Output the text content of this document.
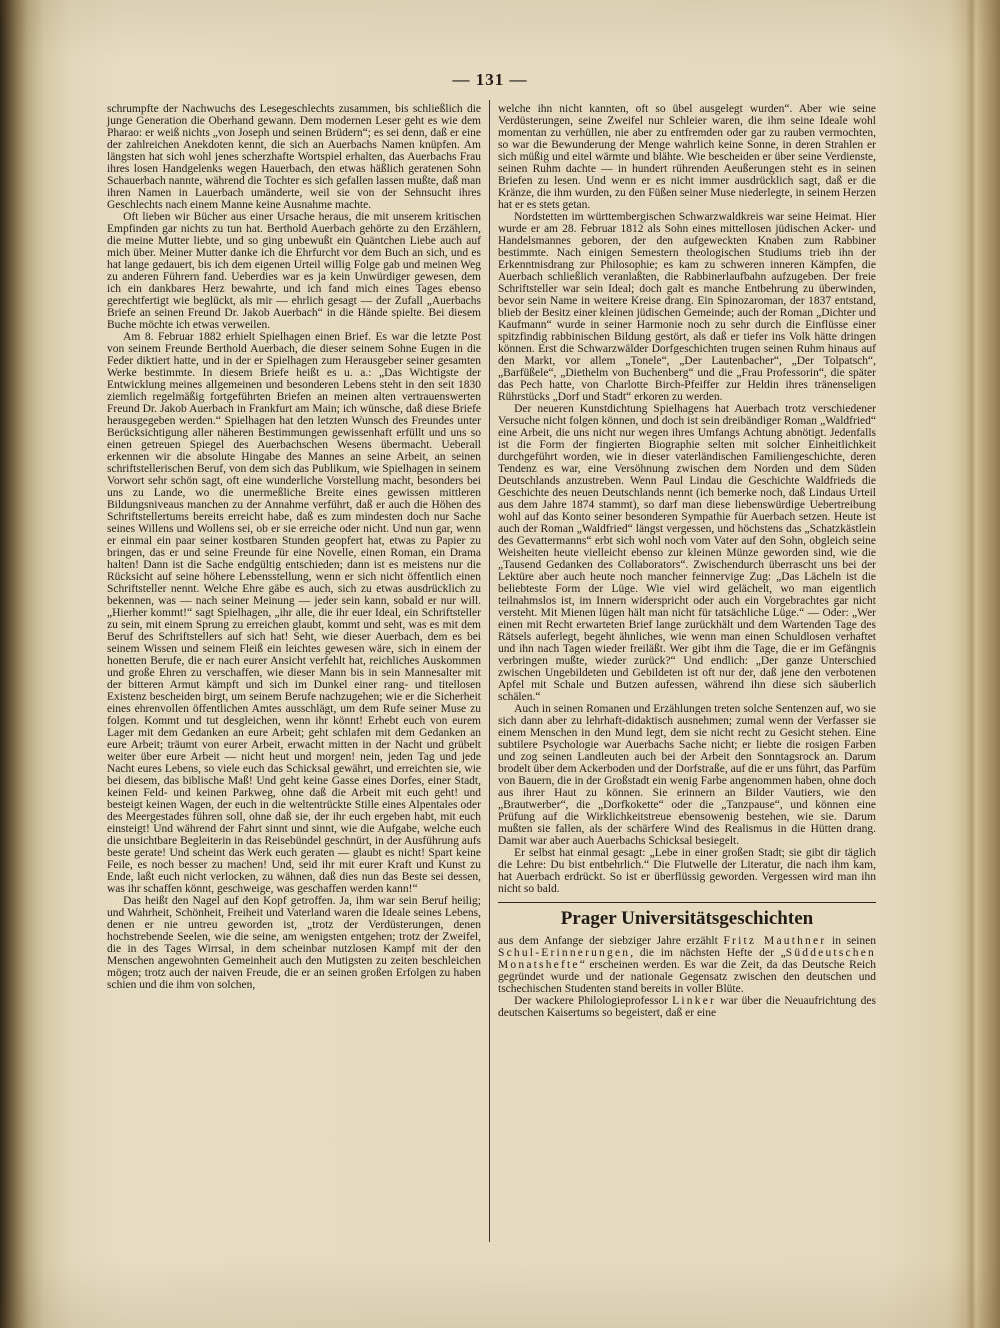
— 131 —

schrumpfte der Nachwuchs des Lesegeschlechts zusammen, bis schließlich die junge Generation die Oberhand gewann. Dem modernen Leser geht es wie dem Pharao: er weiß nichts „von Joseph und seinen Brüdern“; es sei denn, daß er eine der zahlreichen Anekdoten kennt, die sich an Auerbachs Namen knüpfen. Am längsten hat sich wohl jenes scherzhafte Wortspiel erhalten, das Auerbachs Frau ihres losen Handgelenks wegen Hauerbach, den etwas häßlich geratenen Sohn Schauerbach nannte, während die Tochter es sich gefallen lassen mußte, daß man ihren Namen in Lauerbach umänderte, weil sie von der Sehnsucht ihres Geschlechts nach einem Manne keine Ausnahme machte.

Oft lieben wir Bücher aus einer Ursache heraus, die mit unserem kritischen Empfinden gar nichts zu tun hat. Berthold Auerbach gehörte zu den Erzählern, die meine Mutter liebte, und so ging unbewußt ein Quäntchen Liebe auch auf mich über. Meiner Mutter danke ich die Ehrfurcht vor dem Buch an sich, und es hat lange gedauert, bis ich dem eigenen Urteil willig Folge gab und meinen Weg zu anderen Führern fand. Ueberdies war es ja kein Unwürdiger gewesen, dem ich ein dankbares Herz bewahrte, und ich fand mich eines Tages ebenso gerechtfertigt wie beglückt, als mir — ehrlich gesagt — der Zufall „Auerbachs Briefe an seinen Freund Dr. Jakob Auerbach“ in die Hände spielte. Bei diesem Buche möchte ich etwas verweilen.

Am 8. Februar 1882 erhielt Spielhagen einen Brief. Es war die letzte Post von seinem Freunde Berthold Auerbach, die dieser seinem Sohne Eugen in die Feder diktiert hatte, und in der er Spielhagen zum Herausgeber seiner gesamten Werke bestimmte. In diesem Briefe heißt es u. a.: „Das Wichtigste der Entwicklung meines allgemeinen und besonderen Lebens steht in den seit 1830 ziemlich regelmäßig fortgeführten Briefen an meinen alten vertrauenswerten Freund Dr. Jakob Auerbach in Frankfurt am Main; ich wünsche, daß diese Briefe herausgegeben werden.“ Spielhagen hat den letzten Wunsch des Freundes unter Berücksichtigung aller näheren Bestimmungen gewissenhaft erfüllt und uns so einen getreuen Spiegel des Auerbachschen Wesens übermacht. Ueberall erkennen wir die absolute Hingabe des Mannes an seine Arbeit, an seinen schriftstellerischen Beruf, von dem sich das Publikum, wie Spielhagen in seinem Vorwort sehr schön sagt, oft eine wunderliche Vorstellung macht, besonders bei uns zu Lande, wo die unermeßliche Breite eines gewissen mittleren Bildungsniveaus manchen zu der Annahme verführt, daß er auch die Höhen des Schriftstellertums bereits erreicht habe, daß es zum mindesten doch nur Sache seines Willens und Wollens sei, ob er sie erreiche oder nicht. Und nun gar, wenn er einmal ein paar seiner kostbaren Stunden geopfert hat, etwas zu Papier zu bringen, das er und seine Freunde für eine Novelle, einen Roman, ein Drama halten! Dann ist die Sache endgültig entschieden; dann ist es meistens nur die Rücksicht auf seine höhere Lebensstellung, wenn er sich nicht öffentlich einen Schriftsteller nennt. Welche Ehre gäbe es auch, sich zu etwas ausdrücklich zu bekennen, was — nach seiner Meinung — jeder sein kann, sobald er nur will. „Hierher kommt!“ sagt Spielhagen, „ihr alle, die ihr euer Ideal, ein Schriftsteller zu sein, mit einem Sprung zu erreichen glaubt, kommt und seht, was es mit dem Beruf des Schriftstellers auf sich hat! Seht, wie dieser Auerbach, dem es bei seinem Wissen und seinem Fleiß ein leichtes gewesen wäre, sich in einem der honetten Berufe, die er nach eurer Ansicht verfehlt hat, reichliches Auskommen und große Ehren zu verschaffen, wie dieser Mann bis in sein Mannesalter mit der bitteren Armut kämpft und sich im Dunkel einer rang- und titellosen Existenz bescheiden birgt, um seinem Berufe nachzugehen; wie er die Sicherheit eines ehrenvollen öffentlichen Amtes ausschlägt, um dem Rufe seiner Muse zu folgen. Kommt und tut desgleichen, wenn ihr könnt! Erhebt euch von eurem Lager mit dem Gedanken an eure Arbeit; geht schlafen mit dem Gedanken an eure Arbeit; träumt von eurer Arbeit, erwacht mitten in der Nacht und grübelt weiter über eure Arbeit — nicht heut und morgen! nein, jeden Tag und jede Nacht eures Lebens, so viele euch das Schicksal gewährt, und erreichten sie, wie bei diesem, das biblische Maß! Und geht keine Gasse eines Dorfes, einer Stadt, keinen Feld- und keinen Parkweg, ohne daß die Arbeit mit euch geht! und besteigt keinen Wagen, der euch in die weltentrückte Stille eines Alpentales oder des Meergestades führen soll, ohne daß sie, der ihr euch ergeben habt, mit euch einsteigt! Und während der Fahrt sinnt und sinnt, wie die Aufgabe, welche euch die unsichtbare Begleiterin in das Reisebündel geschnürt, in der Ausführung aufs beste gerate! Und scheint das Werk euch geraten — glaubt es nicht! Spart keine Feile, es noch besser zu machen! Und, seid ihr mit eurer Kraft und Kunst zu Ende, laßt euch nicht verlocken, zu wähnen, daß dies nun das Beste sei dessen, was ihr schaffen könnt, geschweige, was geschaffen werden kann!“

Das heißt den Nagel auf den Kopf getroffen. Ja, ihm war sein Beruf heilig; und Wahrheit, Schönheit, Freiheit und Vaterland waren die Ideale seines Lebens, denen er nie untreu geworden ist, „trotz der Verdüsterungen, denen hochstrebende Seelen, wie die seine, am wenigsten entgehen; trotz der Zweifel, die in des Tages Wirrsal, in dem scheinbar nutzlosen Kampf mit der den Menschen angewohnten Gemeinheit auch den Mutigsten zu zeiten beschleichen mögen; trotz auch der naiven Freude, die er an seinen großen Erfolgen zu haben schien und die ihm von solchen,

welche ihn nicht kannten, oft so übel ausgelegt wurden“. Aber wie seine Verdüsterungen, seine Zweifel nur Schleier waren, die ihm seine Ideale wohl momentan zu verhüllen, nie aber zu entfremden oder gar zu rauben vermochten, so war die Bewunderung der Menge wahrlich keine Sonne, in deren Strahlen er sich müßig und eitel wärmte und blähte. Wie bescheiden er über seine Verdienste, seinen Ruhm dachte — in hundert rührenden Aeußerungen steht es in seinen Briefen zu lesen. Und wenn er es nicht immer ausdrücklich sagt, daß er die Kränze, die ihm wurden, zu den Füßen seiner Muse niederlegte, in seinem Herzen hat er es stets getan.

Nordstetten im württembergischen Schwarzwaldkreis war seine Heimat. Hier wurde er am 28. Februar 1812 als Sohn eines mittellosen jüdischen Acker- und Handelsmannes geboren, der den aufgeweckten Knaben zum Rabbiner bestimmte. Nach einigen Semestern theologischen Studiums trieb ihn der Erkenntnisdrang zur Philosophie; es kam zu schweren inneren Kämpfen, die Auerbach schließlich veranlaßten, die Rabbinerlaufbahn aufzugeben. Der freie Schriftsteller war sein Ideal; doch galt es manche Entbehrung zu überwinden, bevor sein Name in weitere Kreise drang. Ein Spinozaroman, der 1837 entstand, blieb der Besitz einer kleinen jüdischen Gemeinde; auch der Roman „Dichter und Kaufmann“ wurde in seiner Harmonie noch zu sehr durch die Einflüsse einer spitzfindig rabbinischen Bildung gestört, als daß er tiefer ins Volk hätte dringen können. Erst die Schwarzwälder Dorfgeschichten trugen seinen Ruhm hinaus auf den Markt, vor allem „Tonele“, „Der Lautenbacher“, „Der Tolpatsch“, „Barfüßele“, „Diethelm von Buchenberg“ und die „Frau Professorin“, die später das Pech hatte, von Charlotte Birch-Pfeiffer zur Heldin ihres tränenseligen Rührstücks „Dorf und Stadt“ erkoren zu werden.

Der neueren Kunstdichtung Spielhagens hat Auerbach trotz verschiedener Versuche nicht folgen können, und doch ist sein dreibändiger Roman „Waldfried“ eine Arbeit, die uns nicht nur wegen ihres Umfangs Achtung abnötigt. Jedenfalls ist die Form der fingierten Biographie selten mit solcher Einheitlichkeit durchgeführt worden, wie in dieser vaterländischen Familiengeschichte, deren Tendenz es war, eine Versöhnung zwischen dem Norden und dem Süden Deutschlands anzustreben. Wenn Paul Lindau die Geschichte Waldfrieds die Geschichte des neuen Deutschlands nennt (ich bemerke noch, daß Lindaus Urteil aus dem Jahre 1874 stammt), so darf man diese liebenswürdige Uebertreibung wohl auf das Konto seiner besonderen Sympathie für Auerbach setzen. Heute ist auch der Roman „Waldfried“ längst vergessen, und höchstens das „Schatzkästlein des Gevattermanns“ erbt sich wohl noch vom Vater auf den Sohn, obgleich seine Weisheiten heute vielleicht ebenso zur kleinen Münze geworden sind, wie die „Tausend Gedanken des Collaborators“. Zwischendurch überrascht uns bei der Lektüre aber auch heute noch mancher feinnervige Zug: „Das Lächeln ist die beliebteste Form der Lüge. Wie viel wird gelächelt, wo man eigentlich teilnahmslos ist, im Innern widerspricht oder auch ein Vorgebrachtes gar nicht versteht. Mit Mienen lügen hält man nicht für tatsächliche Lüge.“ — Oder: „Wer einen mit Recht erwarteten Brief lange zurückhält und dem Wartenden Tage des Rätsels auferlegt, begeht ähnliches, wie wenn man einen Schuldlosen verhaftet und ihn nach Tagen wieder freiläßt. Wer gibt ihm die Tage, die er im Gefängnis verbringen mußte, wieder zurück?“ Und endlich: „Der ganze Unterschied zwischen Ungebildeten und Gebildeten ist oft nur der, daß jene den verbotenen Apfel mit Schale und Butzen aufessen, während ihn diese sich säuberlich schälen.“

Auch in seinen Romanen und Erzählungen treten solche Sentenzen auf, wo sie sich dann aber zu lehrhaft-didaktisch ausnehmen; zumal wenn der Verfasser sie einem Menschen in den Mund legt, dem sie nicht recht zu Gesicht stehen. Eine subtilere Psychologie war Auerbachs Sache nicht; er liebte die rosigen Farben und zog seinen Landleuten auch bei der Arbeit den Sonntagsrock an. Darum brodelt über dem Ackerboden und der Dorfstraße, auf die er uns führt, das Parfüm von Bauern, die in der Großstadt ein wenig Farbe angenommen haben, ohne doch aus ihrer Haut zu können. Sie erinnern an Bilder Vautiers, wie den „Brautwerber“, die „Dorfkokette“ oder die „Tanzpause“, und können eine Prüfung auf die Wirklichkeitstreue ebensowenig bestehen, wie sie. Darum mußten sie fallen, als der schärfere Wind des Realismus in die Hütten drang. Damit war aber auch Auerbachs Schicksal besiegelt.

Er selbst hat einmal gesagt: „Lebe in einer großen Stadt; sie gibt dir täglich die Lehre: Du bist entbehrlich.“ Die Flutwelle der Literatur, die nach ihm kam, hat Auerbach erdrückt. So ist er überflüssig geworden. Vergessen wird man ihn nicht so bald.

Prager Universitätsgeschichten

aus dem Anfange der siebziger Jahre erzählt Fritz Mauthner in seinen Schul-Erinnerungen, die im nächsten Hefte der „Süddeutschen Monatshefte“ erscheinen werden. Es war die Zeit, da das Deutsche Reich gegründet wurde und der nationale Gegensatz zwischen den deutschen und tschechischen Studenten stand bereits in voller Blüte.

Der wackere Philologieprofessor Linker war über die Neuaufrichtung des deutschen Kaisertums so begeistert, daß er eine
